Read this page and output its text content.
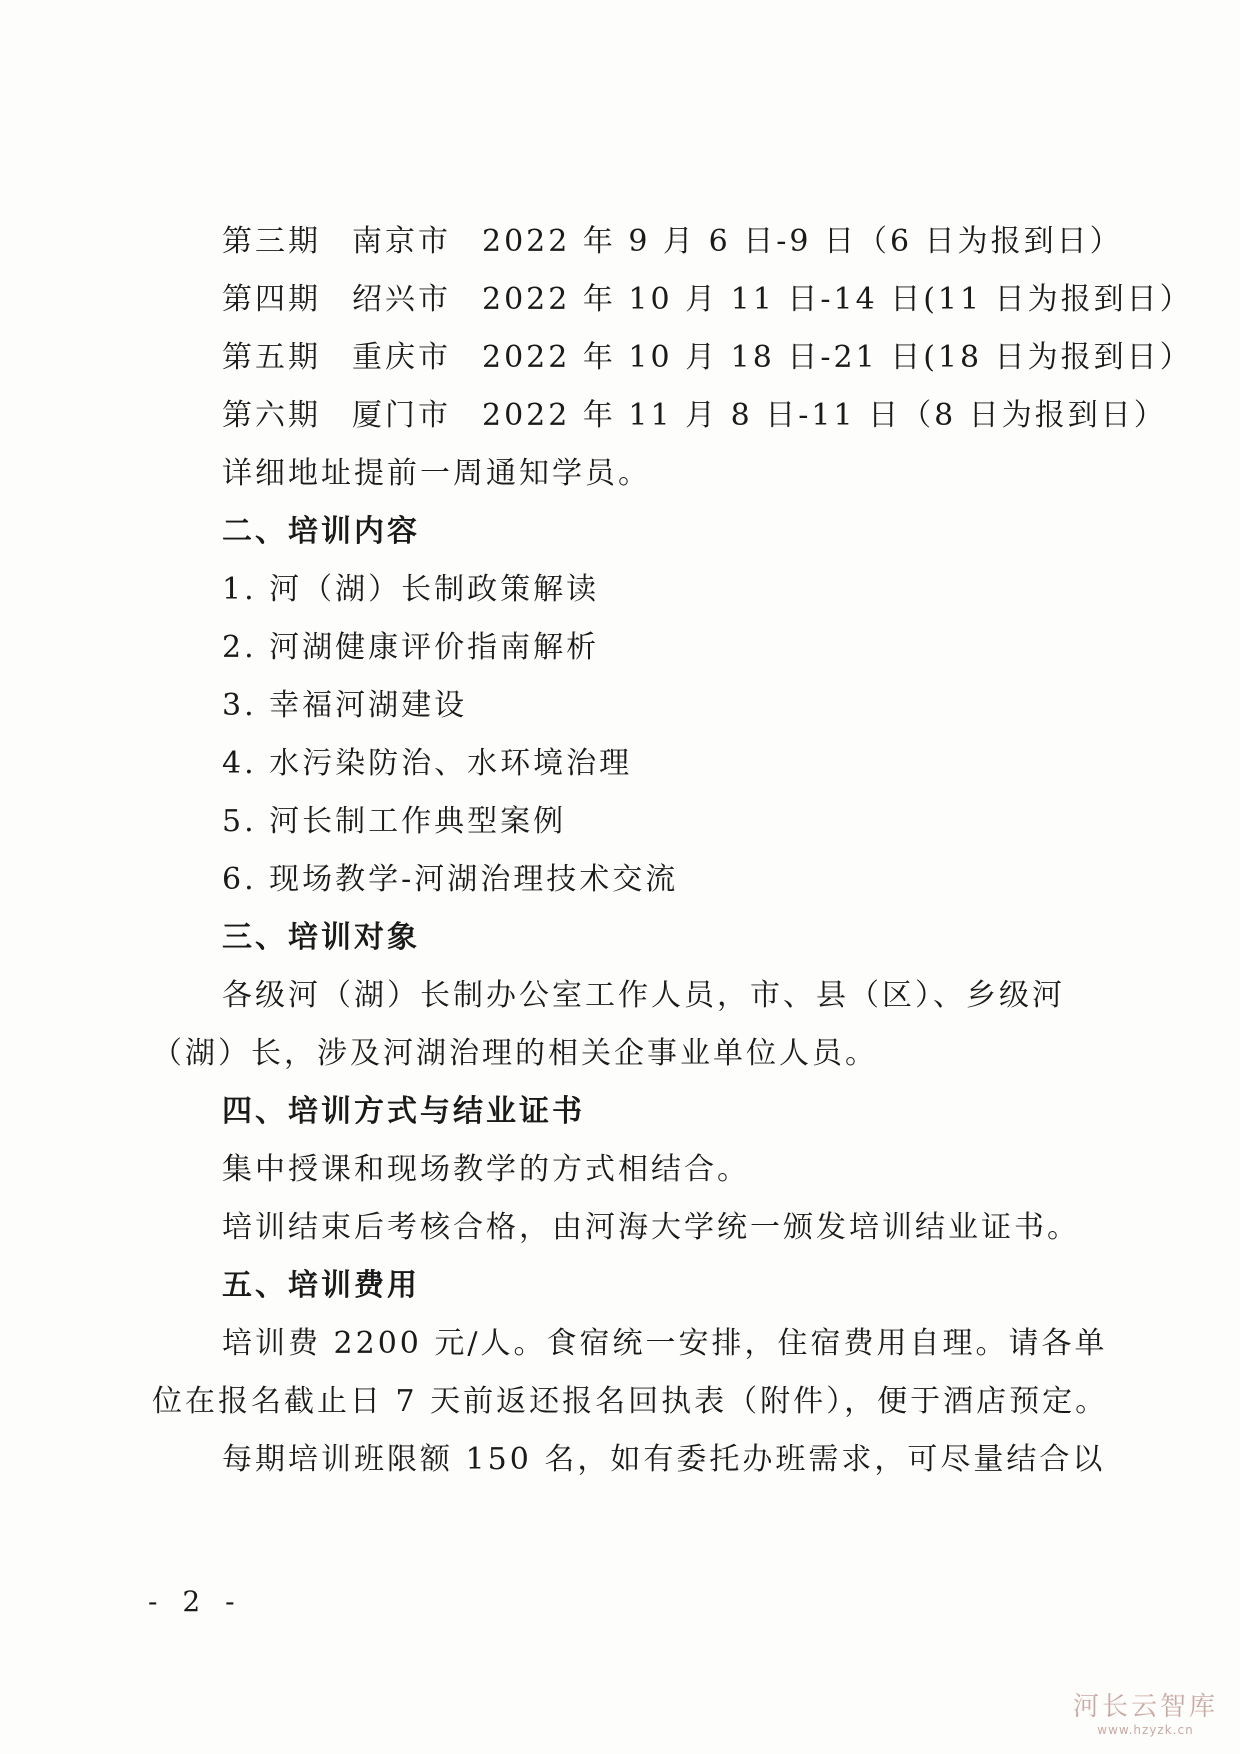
第三期 南京市 2022 年 9 月 6 日-9 日（6 日为报到日）
第四期 绍兴市 2022 年 10 月 11 日-14 日(11 日为报到日）
第五期 重庆市 2022 年 10 月 18 日-21 日(18 日为报到日）
第六期 厦门市 2022 年 11 月 8 日-11 日（8 日为报到日）
详细地址提前一周通知学员。
二、培训内容
1. 河（湖）长制政策解读
2. 河湖健康评价指南解析
3. 幸福河湖建设
4. 水污染防治、水环境治理
5. 河长制工作典型案例
6. 现场教学-河湖治理技术交流
三、培训对象
各级河（湖）长制办公室工作人员，市、县（区）、乡级河
（湖）长，涉及河湖治理的相关企事业单位人员。
四、培训方式与结业证书
集中授课和现场教学的方式相结合。
培训结束后考核合格，由河海大学统一颁发培训结业证书。
五、培训费用
培训费 2200 元/人。食宿统一安排，住宿费用自理。请各单
位在报名截止日 7 天前返还报名回执表（附件），便于酒店预定。
每期培训班限额 150 名，如有委托办班需求，可尽量结合以
- 2 -
河长云智库
www.hzyzk.cn
